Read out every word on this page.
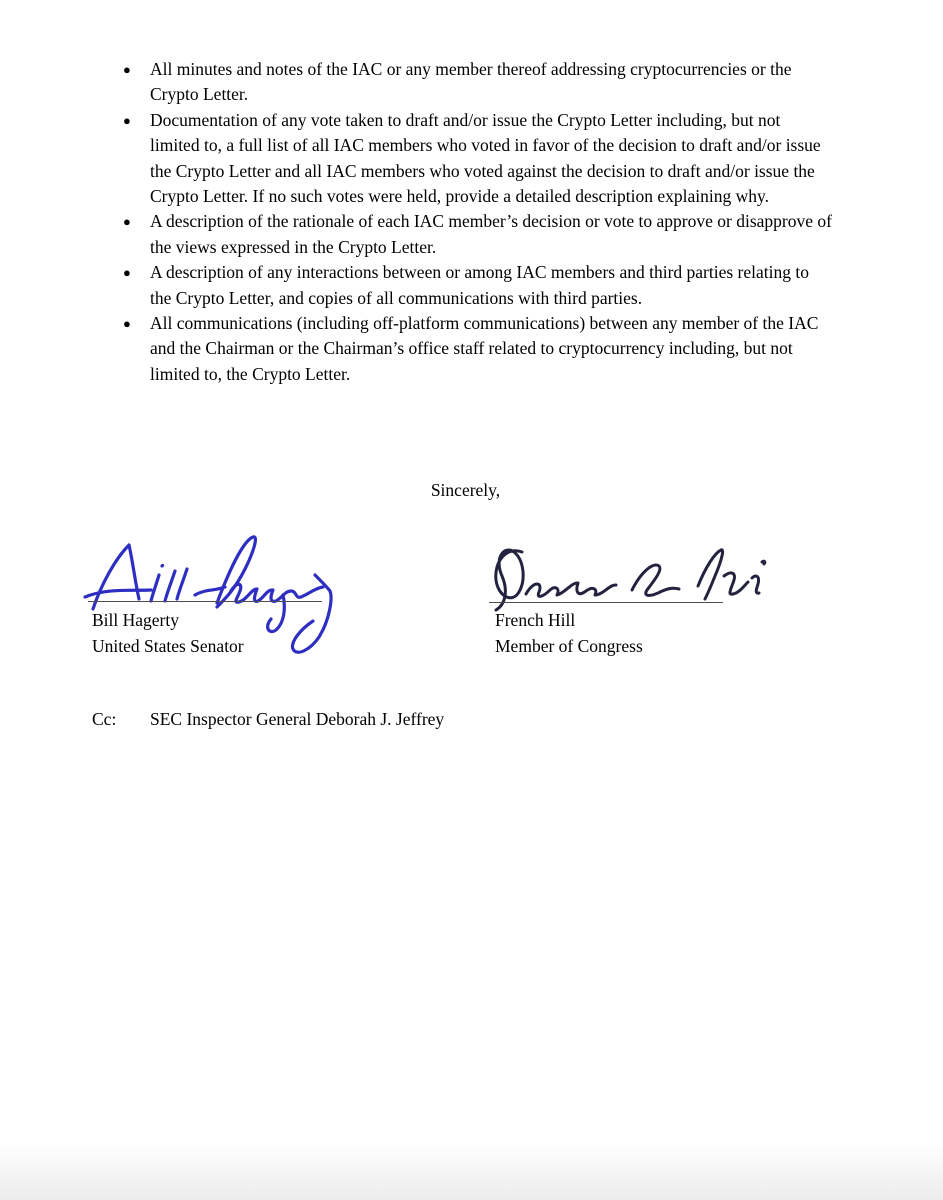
● All minutes and notes of the IAC or any member thereof addressing cryptocurrencies or the Crypto Letter.
● Documentation of any vote taken to draft and/or issue the Crypto Letter including, but not limited to, a full list of all IAC members who voted in favor of the decision to draft and/or issue the Crypto Letter and all IAC members who voted against the decision to draft and/or issue the Crypto Letter. If no such votes were held, provide a detailed description explaining why.
● A description of the rationale of each IAC member’s decision or vote to approve or disapprove of the views expressed in the Crypto Letter.
● A description of any interactions between or among IAC members and third parties relating to the Crypto Letter, and copies of all communications with third parties.
● All communications (including off-platform communications) between any member of the IAC and the Chairman or the Chairman’s office staff related to cryptocurrency including, but not limited to, the Crypto Letter.
Sincerely,
Bill Hagerty
United States Senator
French Hill
Member of Congress
Cc: SEC Inspector General Deborah J. Jeffrey
